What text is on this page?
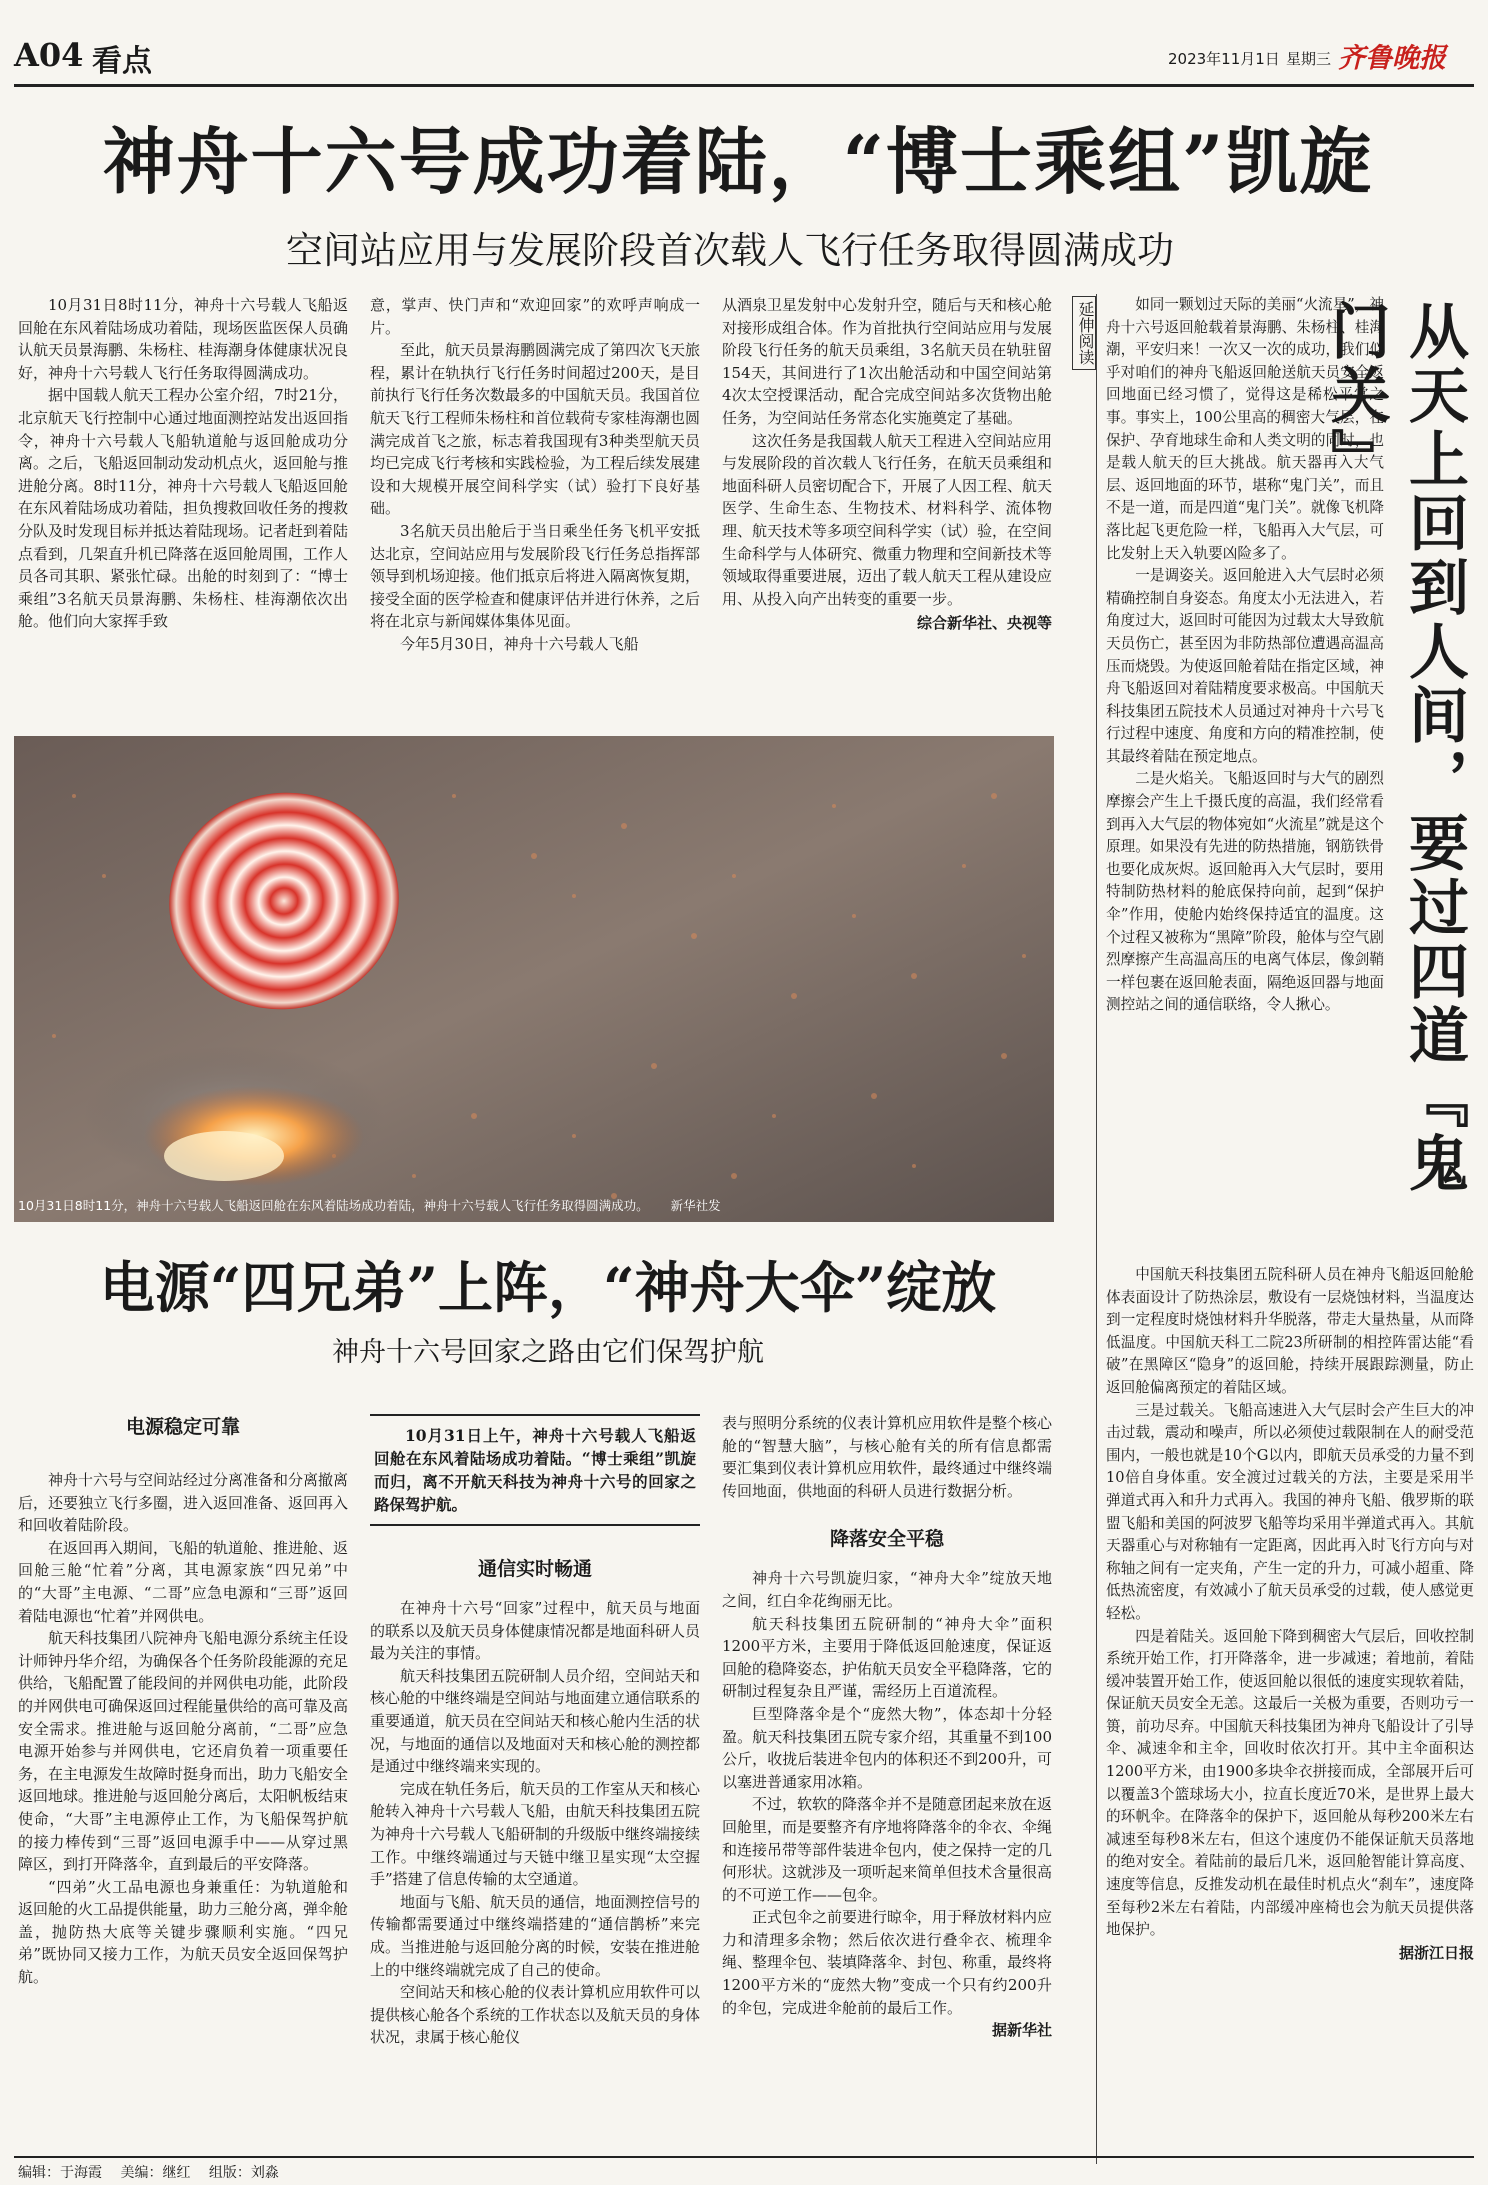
A04 看点	2023年11月1日 星期三 齐鲁晚报
神舟十六号成功着陆，“博士乘组”凯旋
空间站应用与发展阶段首次载人飞行任务取得圆满成功

10月31日8时11分，神舟十六号载人飞船返回舱在东风着陆场成功着陆，现场医监医保人员确认航天员景海鹏、朱杨柱、桂海潮身体健康状况良好，神舟十六号载人飞行任务取得圆满成功。

据中国载人航天工程办公室介绍，7时21分，北京航天飞行控制中心通过地面测控站发出返回指令，神舟十六号载人飞船轨道舱与返回舱成功分离。之后，飞船返回制动发动机点火，返回舱与推进舱分离。8时11分，神舟十六号载人飞船返回舱在东风着陆场成功着陆，担负搜救回收任务的搜救分队及时发现目标并抵达着陆现场。记者赶到着陆点看到，几架直升机已降落在返回舱周围，工作人员各司其职、紧张忙碌。出舱的时刻到了：“博士乘组”3名航天员景海鹏、朱杨柱、桂海潮依次出舱。他们向大家挥手致

意，掌声、快门声和“欢迎回家”的欢呼声响成一片。

至此，航天员景海鹏圆满完成了第四次飞天旅程，累计在轨执行飞行任务时间超过200天，是目前执行飞行任务次数最多的中国航天员。我国首位航天飞行工程师朱杨柱和首位载荷专家桂海潮也圆满完成首飞之旅，标志着我国现有3种类型航天员均已完成飞行考核和实践检验，为工程后续发展建设和大规模开展空间科学实（试）验打下良好基础。

3名航天员出舱后于当日乘坐任务飞机平安抵达北京，空间站应用与发展阶段飞行任务总指挥部领导到机场迎接。他们抵京后将进入隔离恢复期，接受全面的医学检查和健康评估并进行休养，之后将在北京与新闻媒体集体见面。

今年5月30日，神舟十六号载人飞船

从酒泉卫星发射中心发射升空，随后与天和核心舱对接形成组合体。作为首批执行空间站应用与发展阶段飞行任务的航天员乘组，3名航天员在轨驻留154天，其间进行了1次出舱活动和中国空间站第4次太空授课活动，配合完成空间站多次货物出舱任务，为空间站任务常态化实施奠定了基础。

这次任务是我国载人航天工程进入空间站应用与发展阶段的首次载人飞行任务，在航天员乘组和地面科研人员密切配合下，开展了人因工程、航天医学、生命生态、生物技术、材料科学、流体物理、航天技术等多项空间科学实（试）验，在空间生命科学与人体研究、微重力物理和空间新技术等领域取得重要进展，迈出了载人航天工程从建设应用、从投入向产出转变的重要一步。

综合新华社、央视等
10月31日8时11分，神舟十六号载人飞船返回舱在东风着陆场成功着陆，神舟十六号载人飞行任务取得圆满成功。 新华社发
延伸阅读	从天上回到人间，要过四道『鬼门关』

如同一颗划过天际的美丽“火流星”，神舟十六号返回舱载着景海鹏、朱杨柱、桂海潮，平安归来！一次又一次的成功，我们似乎对咱们的神舟飞船返回舱送航天员安全返回地面已经习惯了，觉得这是稀松平常之事。事实上，100公里高的稠密大气层，在保护、孕育地球生命和人类文明的同时，也是载人航天的巨大挑战。航天器再入大气层、返回地面的环节，堪称“鬼门关”，而且不是一道，而是四道“鬼门关”。就像飞机降落比起飞更危险一样，飞船再入大气层，可比发射上天入轨要凶险多了。

一是调姿关。返回舱进入大气层时必须精确控制自身姿态。角度太小无法进入，若角度过大，返回时可能因为过载太大导致航天员伤亡，甚至因为非防热部位遭遇高温高压而烧毁。为使返回舱着陆在指定区域，神舟飞船返回对着陆精度要求极高。中国航天科技集团五院技术人员通过对神舟十六号飞行过程中速度、角度和方向的精准控制，使其最终着陆在预定地点。

二是火焰关。飞船返回时与大气的剧烈摩擦会产生上千摄氏度的高温，我们经常看到再入大气层的物体宛如“火流星”就是这个原理。如果没有先进的防热措施，钢筋铁骨也要化成灰烬。返回舱再入大气层时，要用特制防热材料的舱底保持向前，起到“保护伞”作用，使舱内始终保持适宜的温度。这个过程又被称为“黑障”阶段，舱体与空气剧烈摩擦产生高温高压的电离气体层，像剑鞘一样包裹在返回舱表面，隔绝返回器与地面测控站之间的通信联络，令人揪心。

中国航天科技集团五院科研人员在神舟飞船返回舱舱体表面设计了防热涂层，敷设有一层烧蚀材料，当温度达到一定程度时烧蚀材料升华脱落，带走大量热量，从而降低温度。中国航天科工二院23所研制的相控阵雷达能“看破”在黑障区“隐身”的返回舱，持续开展跟踪测量，防止返回舱偏离预定的着陆区域。

三是过载关。飞船高速进入大气层时会产生巨大的冲击过载，震动和噪声，所以必须使过载限制在人的耐受范围内，一般也就是10个G以内，即航天员承受的力量不到10倍自身体重。安全渡过过载关的方法，主要是采用半弹道式再入和升力式再入。我国的神舟飞船、俄罗斯的联盟飞船和美国的阿波罗飞船等均采用半弹道式再入。其航天器重心与对称轴有一定距离，因此再入时飞行方向与对称轴之间有一定夹角，产生一定的升力，可减小超重、降低热流密度，有效减小了航天员承受的过载，使人感觉更轻松。

四是着陆关。返回舱下降到稠密大气层后，回收控制系统开始工作，打开降落伞，进一步减速；着地前，着陆缓冲装置开始工作，使返回舱以很低的速度实现软着陆，保证航天员安全无恙。这最后一关极为重要，否则功亏一篑，前功尽弃。中国航天科技集团为神舟飞船设计了引导伞、减速伞和主伞，回收时依次打开。其中主伞面积达1200平方米，由1900多块伞衣拼接而成，全部展开后可以覆盖3个篮球场大小，拉直长度近70米，是世界上最大的环帆伞。在降落伞的保护下，返回舱从每秒200米左右减速至每秒8米左右，但这个速度仍不能保证航天员落地的绝对安全。着陆前的最后几米，返回舱智能计算高度、速度等信息，反推发动机在最佳时机点火“刹车”，速度降至每秒2米左右着陆，内部缓冲座椅也会为航天员提供落地保护。

据浙江日报
电源“四兄弟”上阵，“神舟大伞”绽放
神舟十六号回家之路由它们保驾护航
电源稳定可靠

神舟十六号与空间站经过分离准备和分离撤离后，还要独立飞行多圈，进入返回准备、返回再入和回收着陆阶段。

在返回再入期间，飞船的轨道舱、推进舱、返回舱三舱“忙着”分离，其电源家族“四兄弟”中的“大哥”主电源、“二哥”应急电源和“三哥”返回着陆电源也“忙着”并网供电。

航天科技集团八院神舟飞船电源分系统主任设计师钟丹华介绍，为确保各个任务阶段能源的充足供给，飞船配置了能段间的并网供电功能，此阶段的并网供电可确保返回过程能量供给的高可靠及高安全需求。推进舱与返回舱分离前，“二哥”应急电源开始参与并网供电，它还肩负着一项重要任务，在主电源发生故障时挺身而出，助力飞船安全返回地球。推进舱与返回舱分离后，太阳帆板结束使命，“大哥”主电源停止工作，为飞船保驾护航的接力棒传到“三哥”返回电源手中——从穿过黑障区，到打开降落伞，直到最后的平安降落。

“四弟”火工品电源也身兼重任：为轨道舱和返回舱的火工品提供能量，助力三舱分离，弹伞舱盖，抛防热大底等关键步骤顺利实施。“四兄弟”既协同又接力工作，为航天员安全返回保驾护航。

10月31日上午，神舟十六号载人飞船返回舱在东风着陆场成功着陆。“博士乘组”凯旋而归，离不开航天科技为神舟十六号的回家之路保驾护航。

通信实时畅通

在神舟十六号“回家”过程中，航天员与地面的联系以及航天员身体健康情况都是地面科研人员最为关注的事情。

航天科技集团五院研制人员介绍，空间站天和核心舱的中继终端是空间站与地面建立通信联系的重要通道，航天员在空间站天和核心舱内生活的状况，与地面的通信以及地面对天和核心舱的测控都是通过中继终端来实现的。

完成在轨任务后，航天员的工作室从天和核心舱转入神舟十六号载人飞船，由航天科技集团五院为神舟十六号载人飞船研制的升级版中继终端接续工作。中继终端通过与天链中继卫星实现“太空握手”搭建了信息传输的太空通道。

地面与飞船、航天员的通信，地面测控信号的传输都需要通过中继终端搭建的“通信鹊桥”来完成。当推进舱与返回舱分离的时候，安装在推进舱上的中继终端就完成了自己的使命。

空间站天和核心舱的仪表计算机应用软件可以提供核心舱各个系统的工作状态以及航天员的身体状况，隶属于核心舱仪

表与照明分系统的仪表计算机应用软件是整个核心舱的“智慧大脑”，与核心舱有关的所有信息都需要汇集到仪表计算机应用软件，最终通过中继终端传回地面，供地面的科研人员进行数据分析。

降落安全平稳

神舟十六号凯旋归家，“神舟大伞”绽放天地之间，红白伞花绚丽无比。

航天科技集团五院研制的“神舟大伞”面积1200平方米，主要用于降低返回舱速度，保证返回舱的稳降姿态，护佑航天员安全平稳降落，它的研制过程复杂且严谨，需经历上百道流程。

巨型降落伞是个“庞然大物”，体态却十分轻盈。航天科技集团五院专家介绍，其重量不到100公斤，收拢后装进伞包内的体积还不到200升，可以塞进普通家用冰箱。

不过，软软的降落伞并不是随意团起来放在返回舱里，而是要整齐有序地将降落伞的伞衣、伞绳和连接吊带等部件装进伞包内，使之保持一定的几何形状。这就涉及一项听起来简单但技术含量很高的不可逆工作——包伞。

正式包伞之前要进行晾伞，用于释放材料内应力和清理多余物；然后依次进行叠伞衣、梳理伞绳、整理伞包、装填降落伞、封包、称重，最终将1200平方米的“庞然大物”变成一个只有约200升的伞包，完成进伞舱前的最后工作。

据新华社
编辑：于海霞 美编：继红 组版：刘淼
